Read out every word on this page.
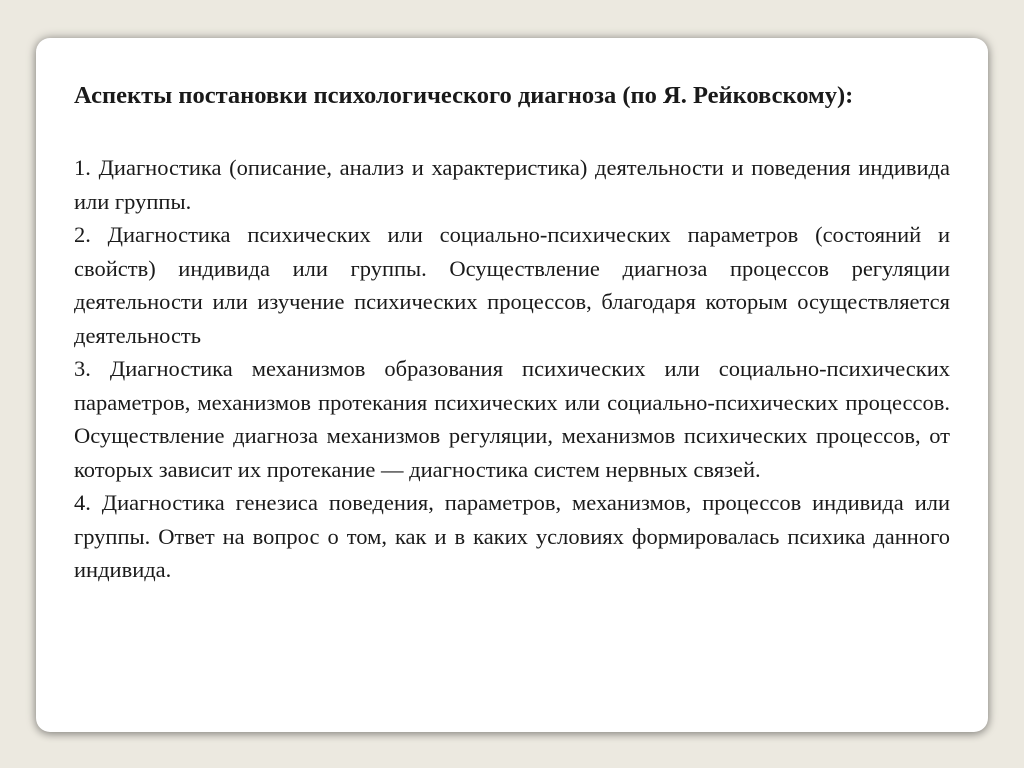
Аспекты постановки психологического диагноза (по Я. Рейковскому):

1. Диагностика (описание, анализ и характеристика) деятельности и поведения индивида или группы.

2. Диагностика психических или социально-психических параметров (состояний и свойств) индивида или группы. Осуществление диагноза процессов регуляции деятельности или изучение психических процессов, благодаря которым осуществляется деятельность

3. Диагностика механизмов образования психических или социально-психических параметров, механизмов протекания психических или социально-психических процессов. Осуществление диагноза механизмов регуляции, механизмов психических процессов, от которых зависит их протекание — диагностика систем нервных связей.

4. Диагностика генезиса поведения, параметров, механизмов, процессов индивида или группы. Ответ на вопрос о том, как и в каких условиях формировалась психика данного индивида.
